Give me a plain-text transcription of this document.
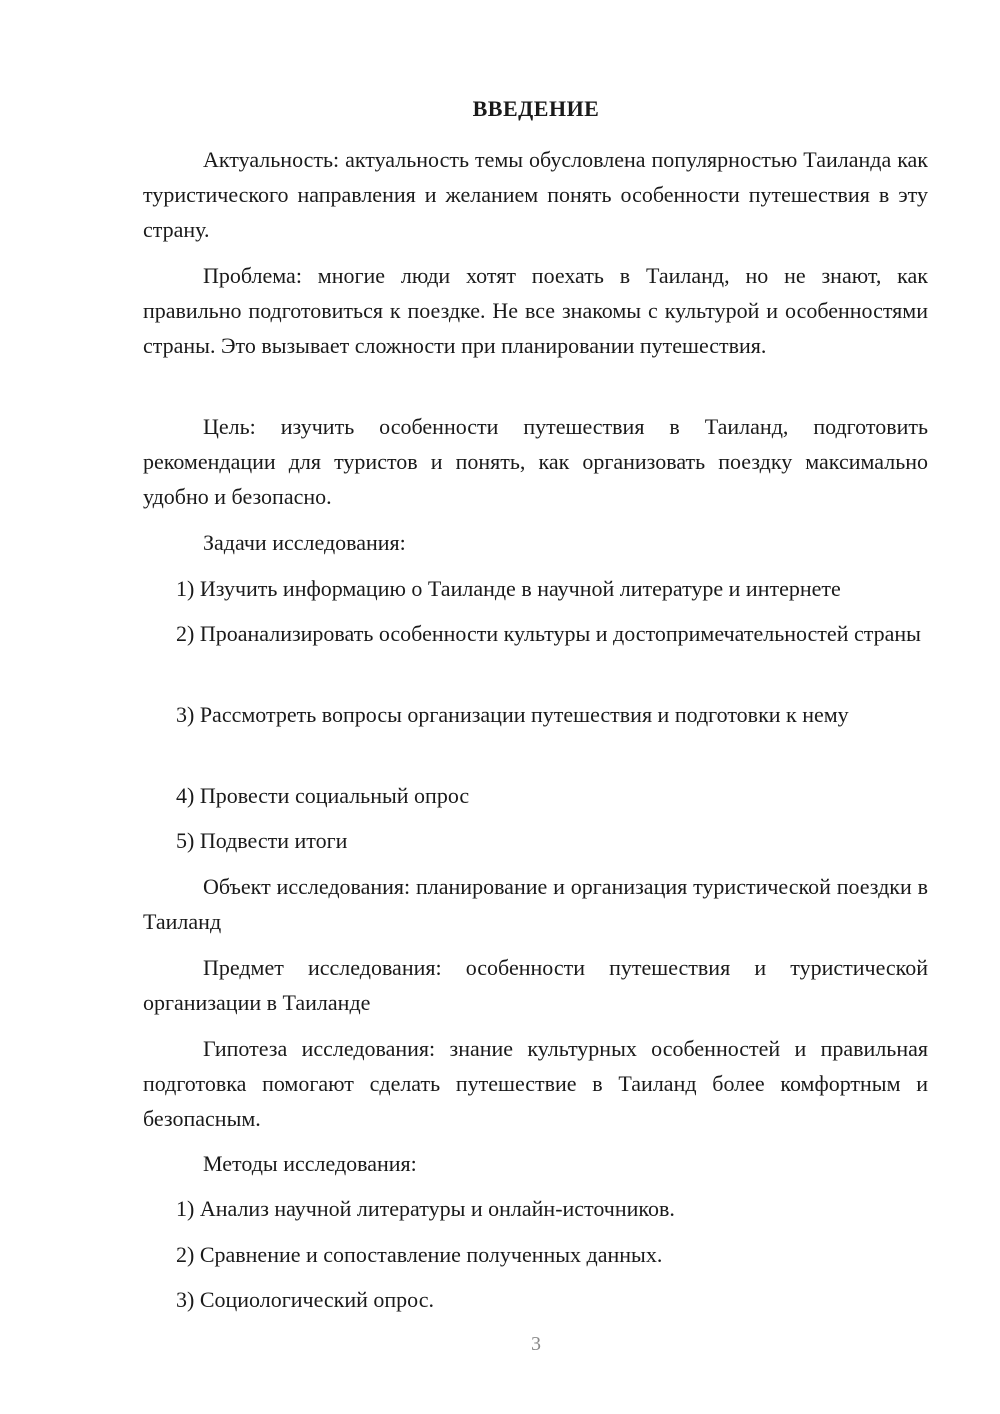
ВВЕДЕНИЕ
Актуальность: актуальность темы обусловлена популярностью Таиланда как туристического направления и желанием понять особенности путешествия в эту страну.
Проблема: многие люди хотят поехать в Таиланд, но не знают, как правильно подготовиться к поездке. Не все знакомы с культурой и особенностями страны. Это вызывает сложности при планировании путешествия.
Цель: изучить особенности путешествия в Таиланд, подготовить рекомендации для туристов и понять, как организовать поездку максимально удобно и безопасно.
Задачи исследования:
1) Изучить информацию о Таиланде в научной литературе и интернете
2) Проанализировать особенности культуры и достопримечательностей страны
3) Рассмотреть вопросы организации путешествия и подготовки к нему
4) Провести социальный опрос
5) Подвести итоги
Объект исследования: планирование и организация туристической поездки в Таиланд
Предмет исследования: особенности путешествия и туристической организации в Таиланде
Гипотеза исследования: знание культурных особенностей и правильная подготовка помогают сделать путешествие в Таиланд более комфортным и безопасным.
Методы исследования:
1) Анализ научной литературы и онлайн-источников.
2) Сравнение и сопоставление полученных данных.
3) Социологический опрос.
3
